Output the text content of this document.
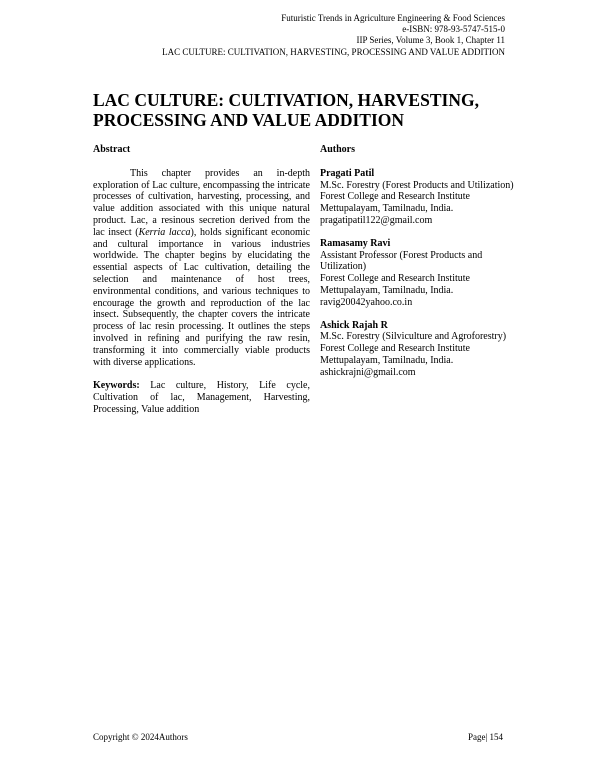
Futuristic Trends in Agriculture Engineering & Food Sciences
e-ISBN: 978-93-5747-515-0
IIP Series, Volume 3, Book 1, Chapter 11
LAC CULTURE: CULTIVATION, HARVESTING, PROCESSING AND VALUE ADDITION
LAC CULTURE: CULTIVATION, HARVESTING, PROCESSING AND VALUE ADDITION
Abstract

This chapter provides an in-depth exploration of Lac culture, encompassing the intricate processes of cultivation, harvesting, processing, and value addition associated with this unique natural product. Lac, a resinous secretion derived from the lac insect (Kerria lacca), holds significant economic and cultural importance in various industries worldwide. The chapter begins by elucidating the essential aspects of Lac cultivation, detailing the selection and maintenance of host trees, environmental conditions, and various techniques to encourage the growth and reproduction of the lac insect. Subsequently, the chapter covers the intricate process of lac resin processing. It outlines the steps involved in refining and purifying the raw resin, transforming it into commercially viable products with diverse applications.

Keywords: Lac culture, History, Life cycle, Cultivation of lac, Management, Harvesting, Processing, Value addition

Authors
Pragati Patil
M.Sc. Forestry (Forest Products and Utilization)
Forest College and Research Institute
Mettupalayam, Tamilnadu, India.
pragatipatil122@gmail.com
Ramasamy Ravi
Assistant Professor (Forest Products and Utilization)
Forest College and Research Institute
Mettupalayam, Tamilnadu, India.
ravig20042yahoo.co.in
Ashick Rajah R
M.Sc. Forestry (Silviculture and Agroforestry)
Forest College and Research Institute
Mettupalayam, Tamilnadu, India.
ashickrajni@gmail.com
Copyright © 2024Authors	Page| 154
